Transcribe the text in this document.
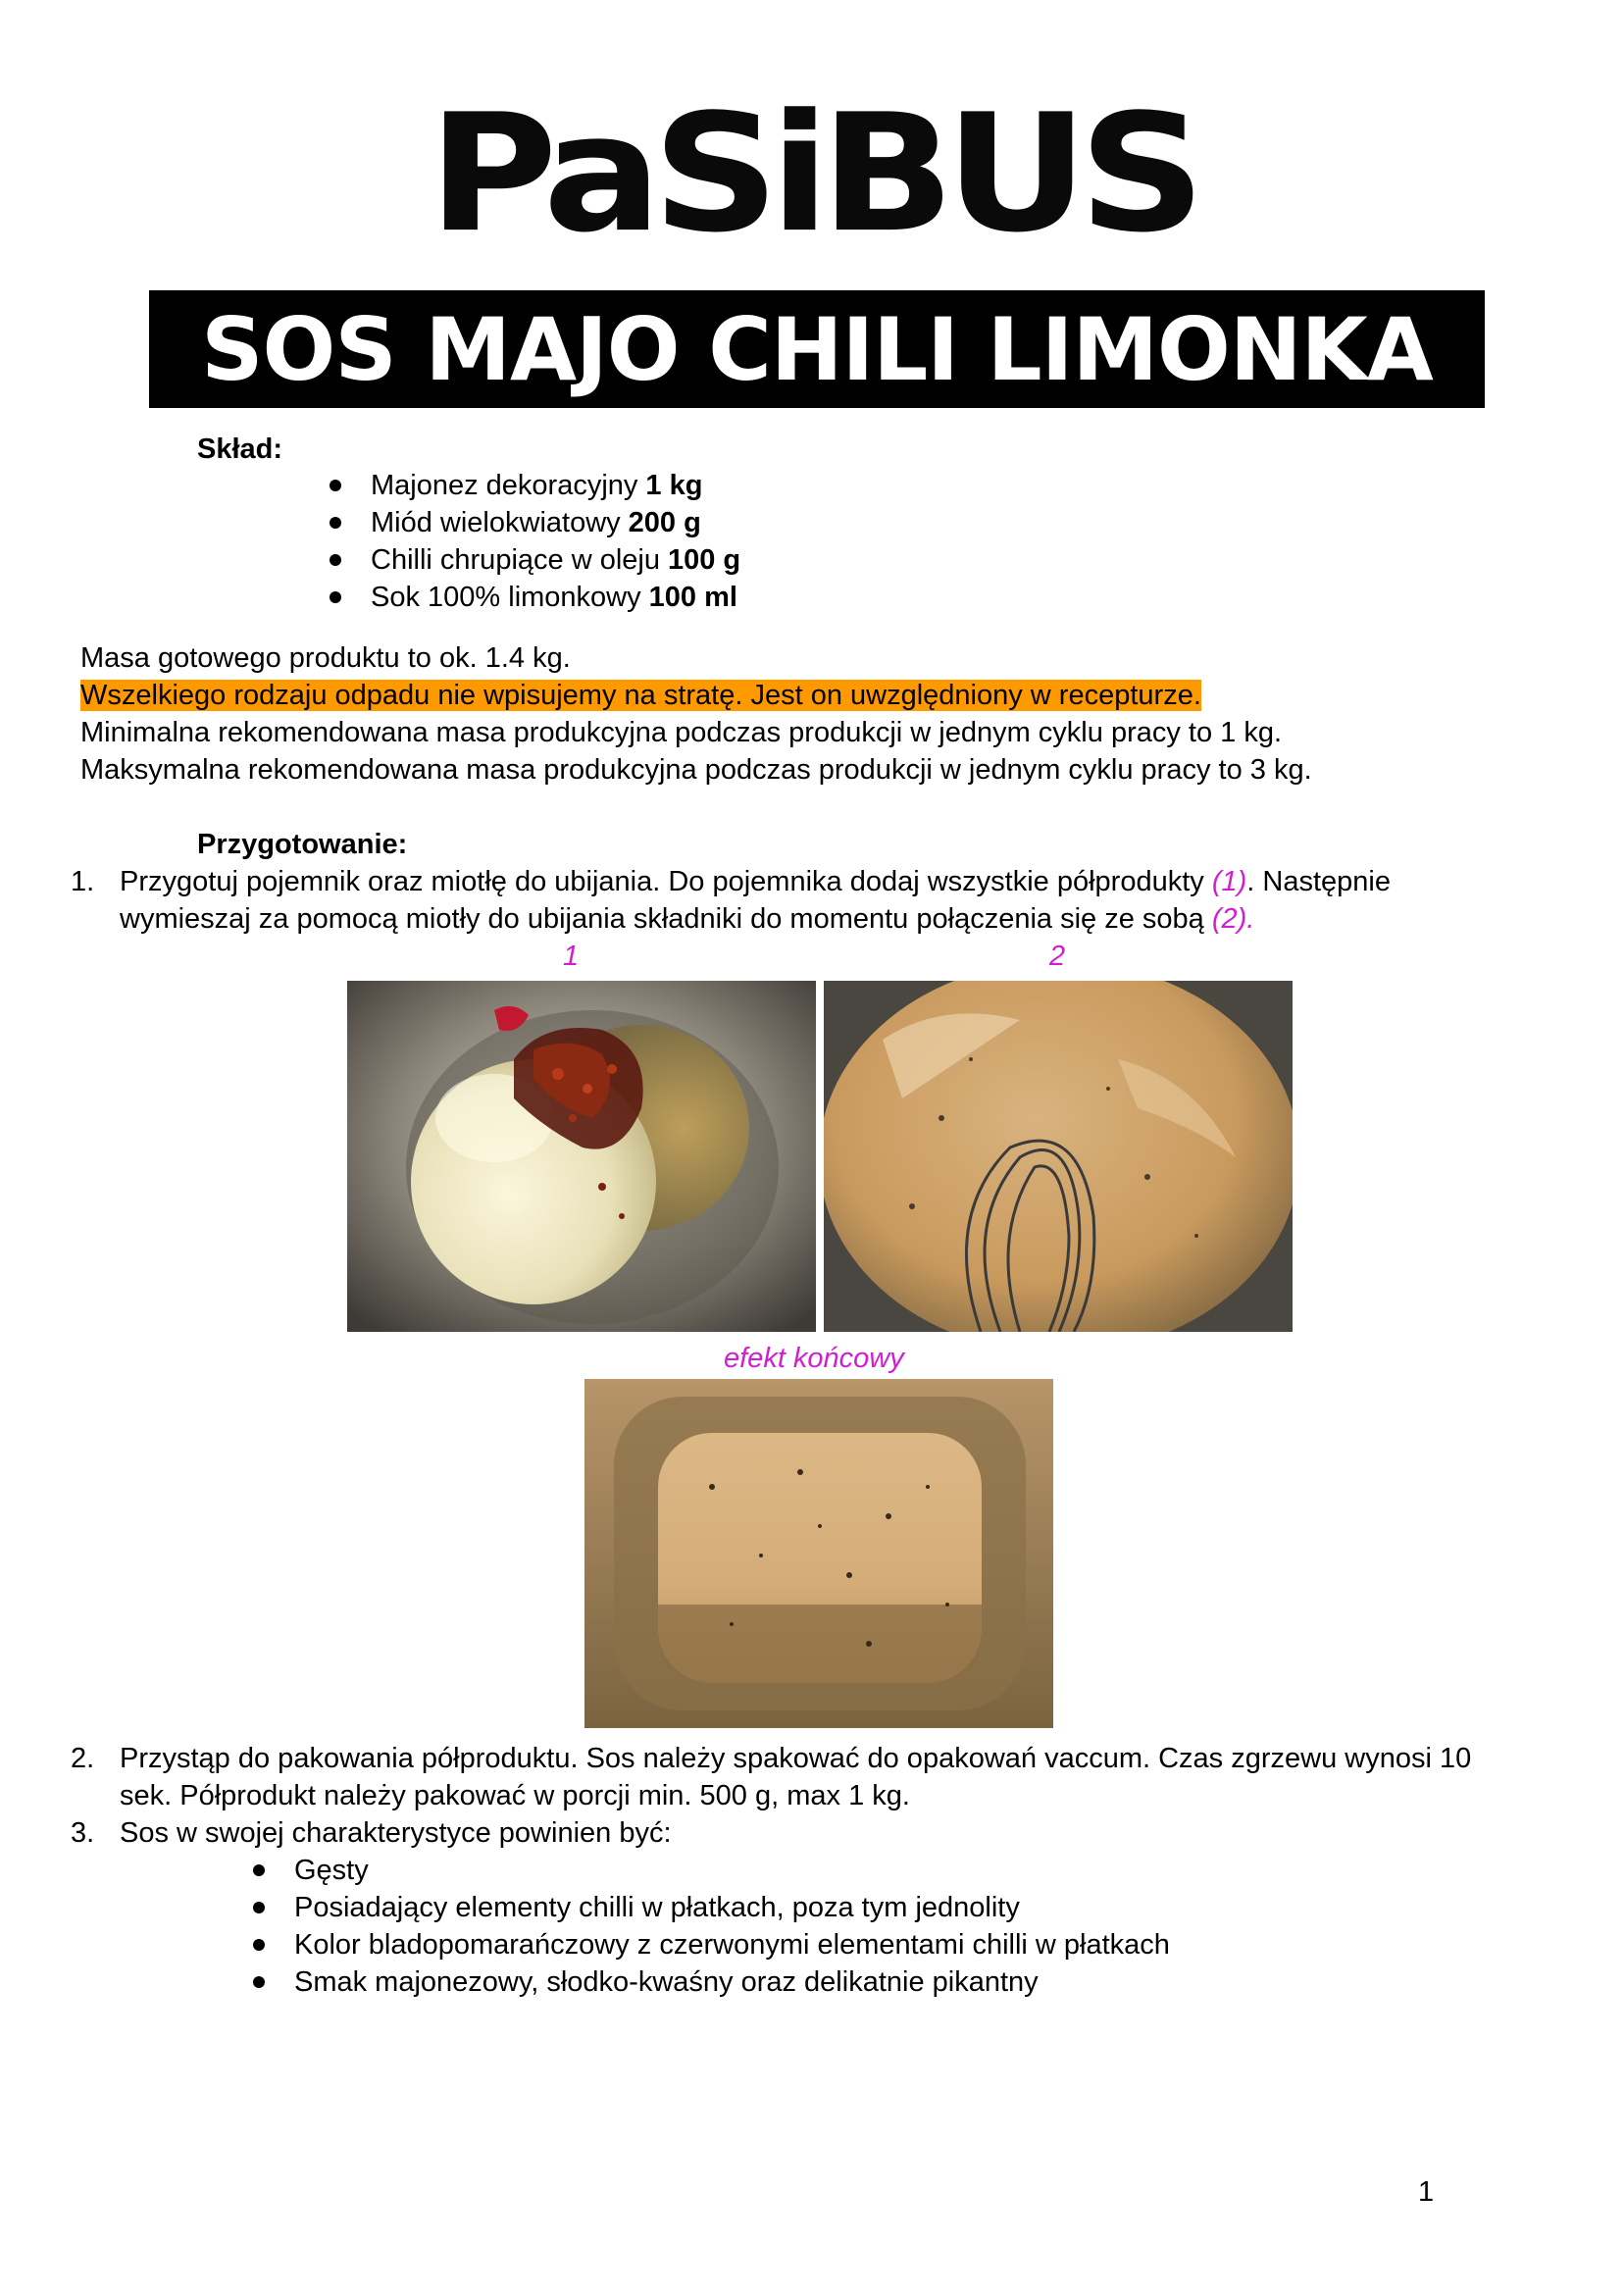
PaSiBUS
SOS MAJO CHILI LIMONKA
Skład:
Majonez dekoracyjny 1 kg
Miód wielokwiatowy 200 g
Chilli chrupiące w oleju 100 g
Sok 100% limonkowy 100 ml
Masa gotowego produktu to ok. 1.4 kg.
Wszelkiego rodzaju odpadu nie wpisujemy na stratę. Jest on uwzględniony w recepturze.
Minimalna rekomendowana masa produkcyjna podczas produkcji w jednym cyklu pracy to 1 kg.
Maksymalna rekomendowana masa produkcyjna podczas produkcji w jednym cyklu pracy to 3 kg.
Przygotowanie:
1. Przygotuj pojemnik oraz miotłę do ubijania. Do pojemnika dodaj wszystkie półprodukty (1). Następnie
wymieszaj za pomocą miotły do ubijania składniki do momentu połączenia się ze sobą (2).
1	2
efekt końcowy
2. Przystąp do pakowania półproduktu. Sos należy spakować do opakowań vaccum. Czas zgrzewu wynosi 10
sek. Półprodukt należy pakować w porcji min. 500 g, max 1 kg.
3. Sos w swojej charakterystyce powinien być:
Gęsty
Posiadający elementy chilli w płatkach, poza tym jednolity
Kolor bladopomarańczowy z czerwonymi elementami chilli w płatkach
Smak majonezowy, słodko-kwaśny oraz delikatnie pikantny
1
